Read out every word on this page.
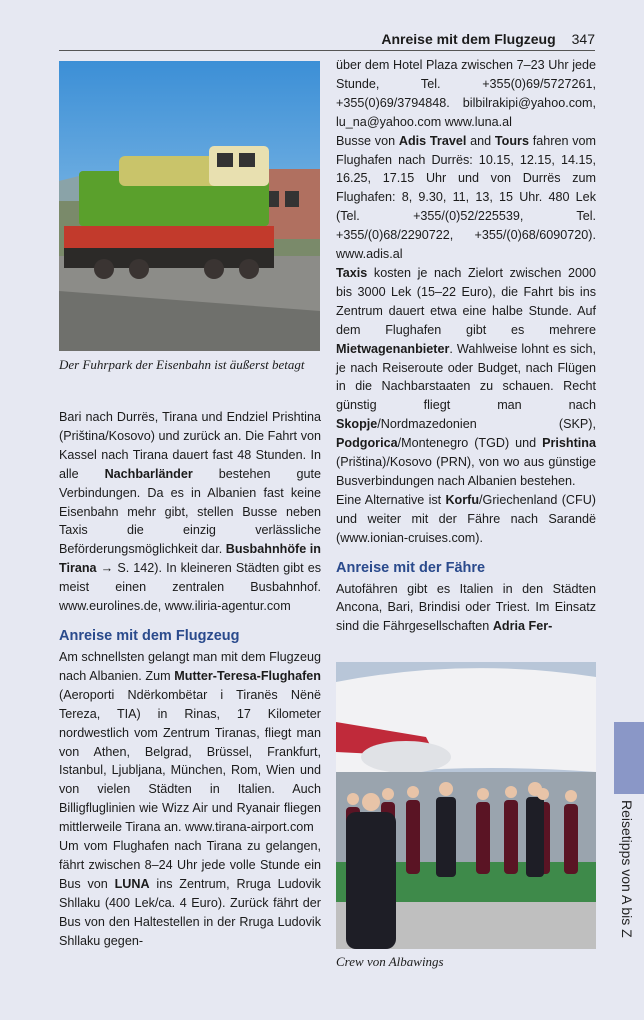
Anreise mit dem Flugzeug 347
Der Fuhrpark der Eisenbahn ist äußerst betagt

Bari nach Durrës, Tirana und Endziel Prishtina (Priština/Kosovo) und zurück an. Die Fahrt von Kassel nach Tirana dauert fast 48 Stunden. In alle Nachbarländer bestehen gute Verbindungen. Da es in Albanien fast keine Eisenbahn mehr gibt, stellen Busse neben Taxis die einzig verlässliche Beförderungsmöglichkeit dar. Busbahnhöfe in Tirana → S. 142). In kleineren Städten gibt es meist einen zentralen Busbahnhof. www.eurolines.de, www.iliria-agentur.com

Anreise mit dem Flugzeug

Am schnellsten gelangt man mit dem Flugzeug nach Albanien. Zum Mutter-Teresa-Flughafen (Aeroporti Ndërkombëtar i Tiranës Nënë Tereza, TIA) in Rinas, 17 Kilometer nordwestlich vom Zentrum Tiranas, fliegt man von Athen, Belgrad, Brüssel, Frankfurt, Istanbul, Ljubljana, München, Rom, Wien und von vielen Städten in Italien. Auch Billigfluglinien wie Wizz Air und Ryanair fliegen mittlerweile Tirana an. www.tirana-airport.com

Um vom Flughafen nach Tirana zu gelangen, fährt zwischen 8–24 Uhr jede volle Stunde ein Bus von LUNA ins Zentrum, Rruga Ludovik Shllaku (400 Lek/ca. 4 Euro). Zurück fährt der Bus von den Haltestellen in der Rruga Ludovik Shllaku gegen-

über dem Hotel Plaza zwischen 7–23 Uhr jede Stunde, Tel. +355(0)69/5727261, +355(0)69/3794848. bilbilrakipi@yahoo.com, lu_na@yahoo.com www.luna.al

Busse von Adis Travel and Tours fahren vom Flughafen nach Durrës: 10.15, 12.15, 14.15, 16.25, 17.15 Uhr und von Durrës zum Flughafen: 8, 9.30, 11, 13, 15 Uhr. 480 Lek (Tel. +355/(0)52/225539, Tel. +355/(0)68/2290722, +355/(0)68/6090720). www.adis.al

Taxis kosten je nach Zielort zwischen 2000 bis 3000 Lek (15–22 Euro), die Fahrt bis ins Zentrum dauert etwa eine halbe Stunde. Auf dem Flughafen gibt es mehrere Mietwagenanbieter. Wahlweise lohnt es sich, je nach Reiseroute oder Budget, nach Flügen in die Nachbarstaaten zu schauen. Recht günstig fliegt man nach Skopje/Nordmazedonien (SKP), Podgorica/Montenegro (TGD) und Prishtina (Priština)/Kosovo (PRN), von wo aus günstige Busverbindungen nach Albanien bestehen.

Eine Alternative ist Korfu/Griechenland (CFU) und weiter mit der Fähre nach Sarandë (www.ionian-cruises.com).

Anreise mit der Fähre

Autofähren gibt es Italien in den Städten Ancona, Bari, Brindisi oder Triest. Im Einsatz sind die Fährgesellschaften Adria Fer-

Crew von Albawings
Reisetipps von A bis Z
